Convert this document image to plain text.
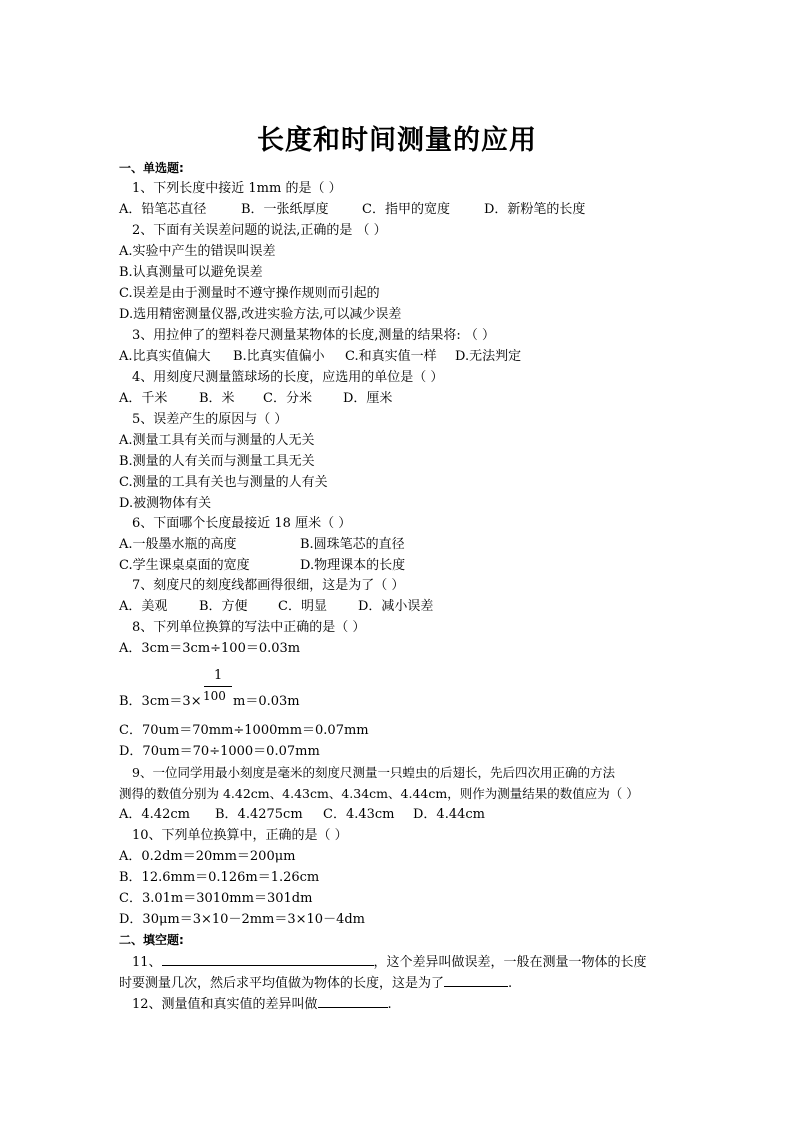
长度和时间测量的应用
一、单选题:
1、下列长度中接近 1mm 的是（ ）
A．铅笔芯直径	B．一张纸厚度	C．指甲的宽度	D．新粉笔的长度
2、下面有关误差问题的说法,正确的是 （ ）
A.实验中产生的错误叫误差
B.认真测量可以避免误差
C.误差是由于测量时不遵守操作规则而引起的
D.选用精密测量仪器,改进实验方法,可以减少误差
3、用拉伸了的塑料卷尺测量某物体的长度,测量的结果将: （ ）
A.比真实值偏大 B.比真实值偏小 C.和真实值一样 D.无法判定
4、用刻度尺测量篮球场的长度，应选用的单位是（ ）
A．千米 B．米 C．分米 D．厘米
5、误差产生的原因与（ ）
A.测量工具有关而与测量的人无关
B.测量的人有关而与测量工具无关
C.测量的工具有关也与测量的人有关
D.被测物体有关
6、下面哪个长度最接近 18 厘米（ ）
A.一般墨水瓶的高度	B.圆珠笔芯的直径
C.学生课桌桌面的宽度	D.物理课本的长度
7、刻度尺的刻度线都画得很细，这是为了（ ）
A．美观 B．方便 C．明显 D．减小误差
8、下列单位换算的写法中正确的是（ ）
A．3cm＝3cm÷100＝0.03m
1
100
B．3cm＝3× m＝0.03m
C．70um＝70mm÷1000mm＝0.07mm
D．70um＝70÷1000＝0.07mm
9、一位同学用最小刻度是毫米的刻度尺测量一只蝗虫的后翅长，先后四次用正确的方法
测得的数值分别为 4.42cm、4.43cm、4.34cm、4.44cm，则作为测量结果的数值应为（ ）
A．4.42cm B．4.4275cm C．4.43cm D．4.44cm
10、下列单位换算中，正确的是（ ）
A．0.2dm＝20mm＝200μm
B．12.6mm＝0.126m＝1.26cm
C．3.01m＝3010mm＝301dm
D．30μm＝3×10－2mm＝3×10－4dm
二、填空题:
11、	，这个差异叫做误差，一般在测量一物体的长度
时要测量几次，然后求平均值做为物体的长度，这是为了	.
12、测量值和真实值的差异叫做	.
